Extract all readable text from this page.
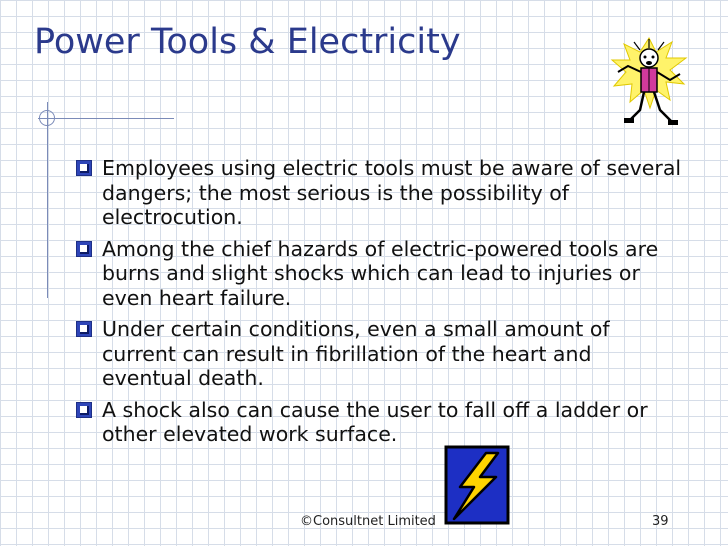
Power Tools & Electricity
Employees using electric tools must be aware of several dangers; the most serious is the possibility of electrocution.
Among the chief hazards of electric-powered tools are burns and slight shocks which can lead to injuries or even heart failure.
Under certain conditions, even a small amount of current can result in fibrillation of the heart and eventual death.
A shock also can cause the user to fall off a ladder or other elevated work surface.
©Consultnet Limited	39
